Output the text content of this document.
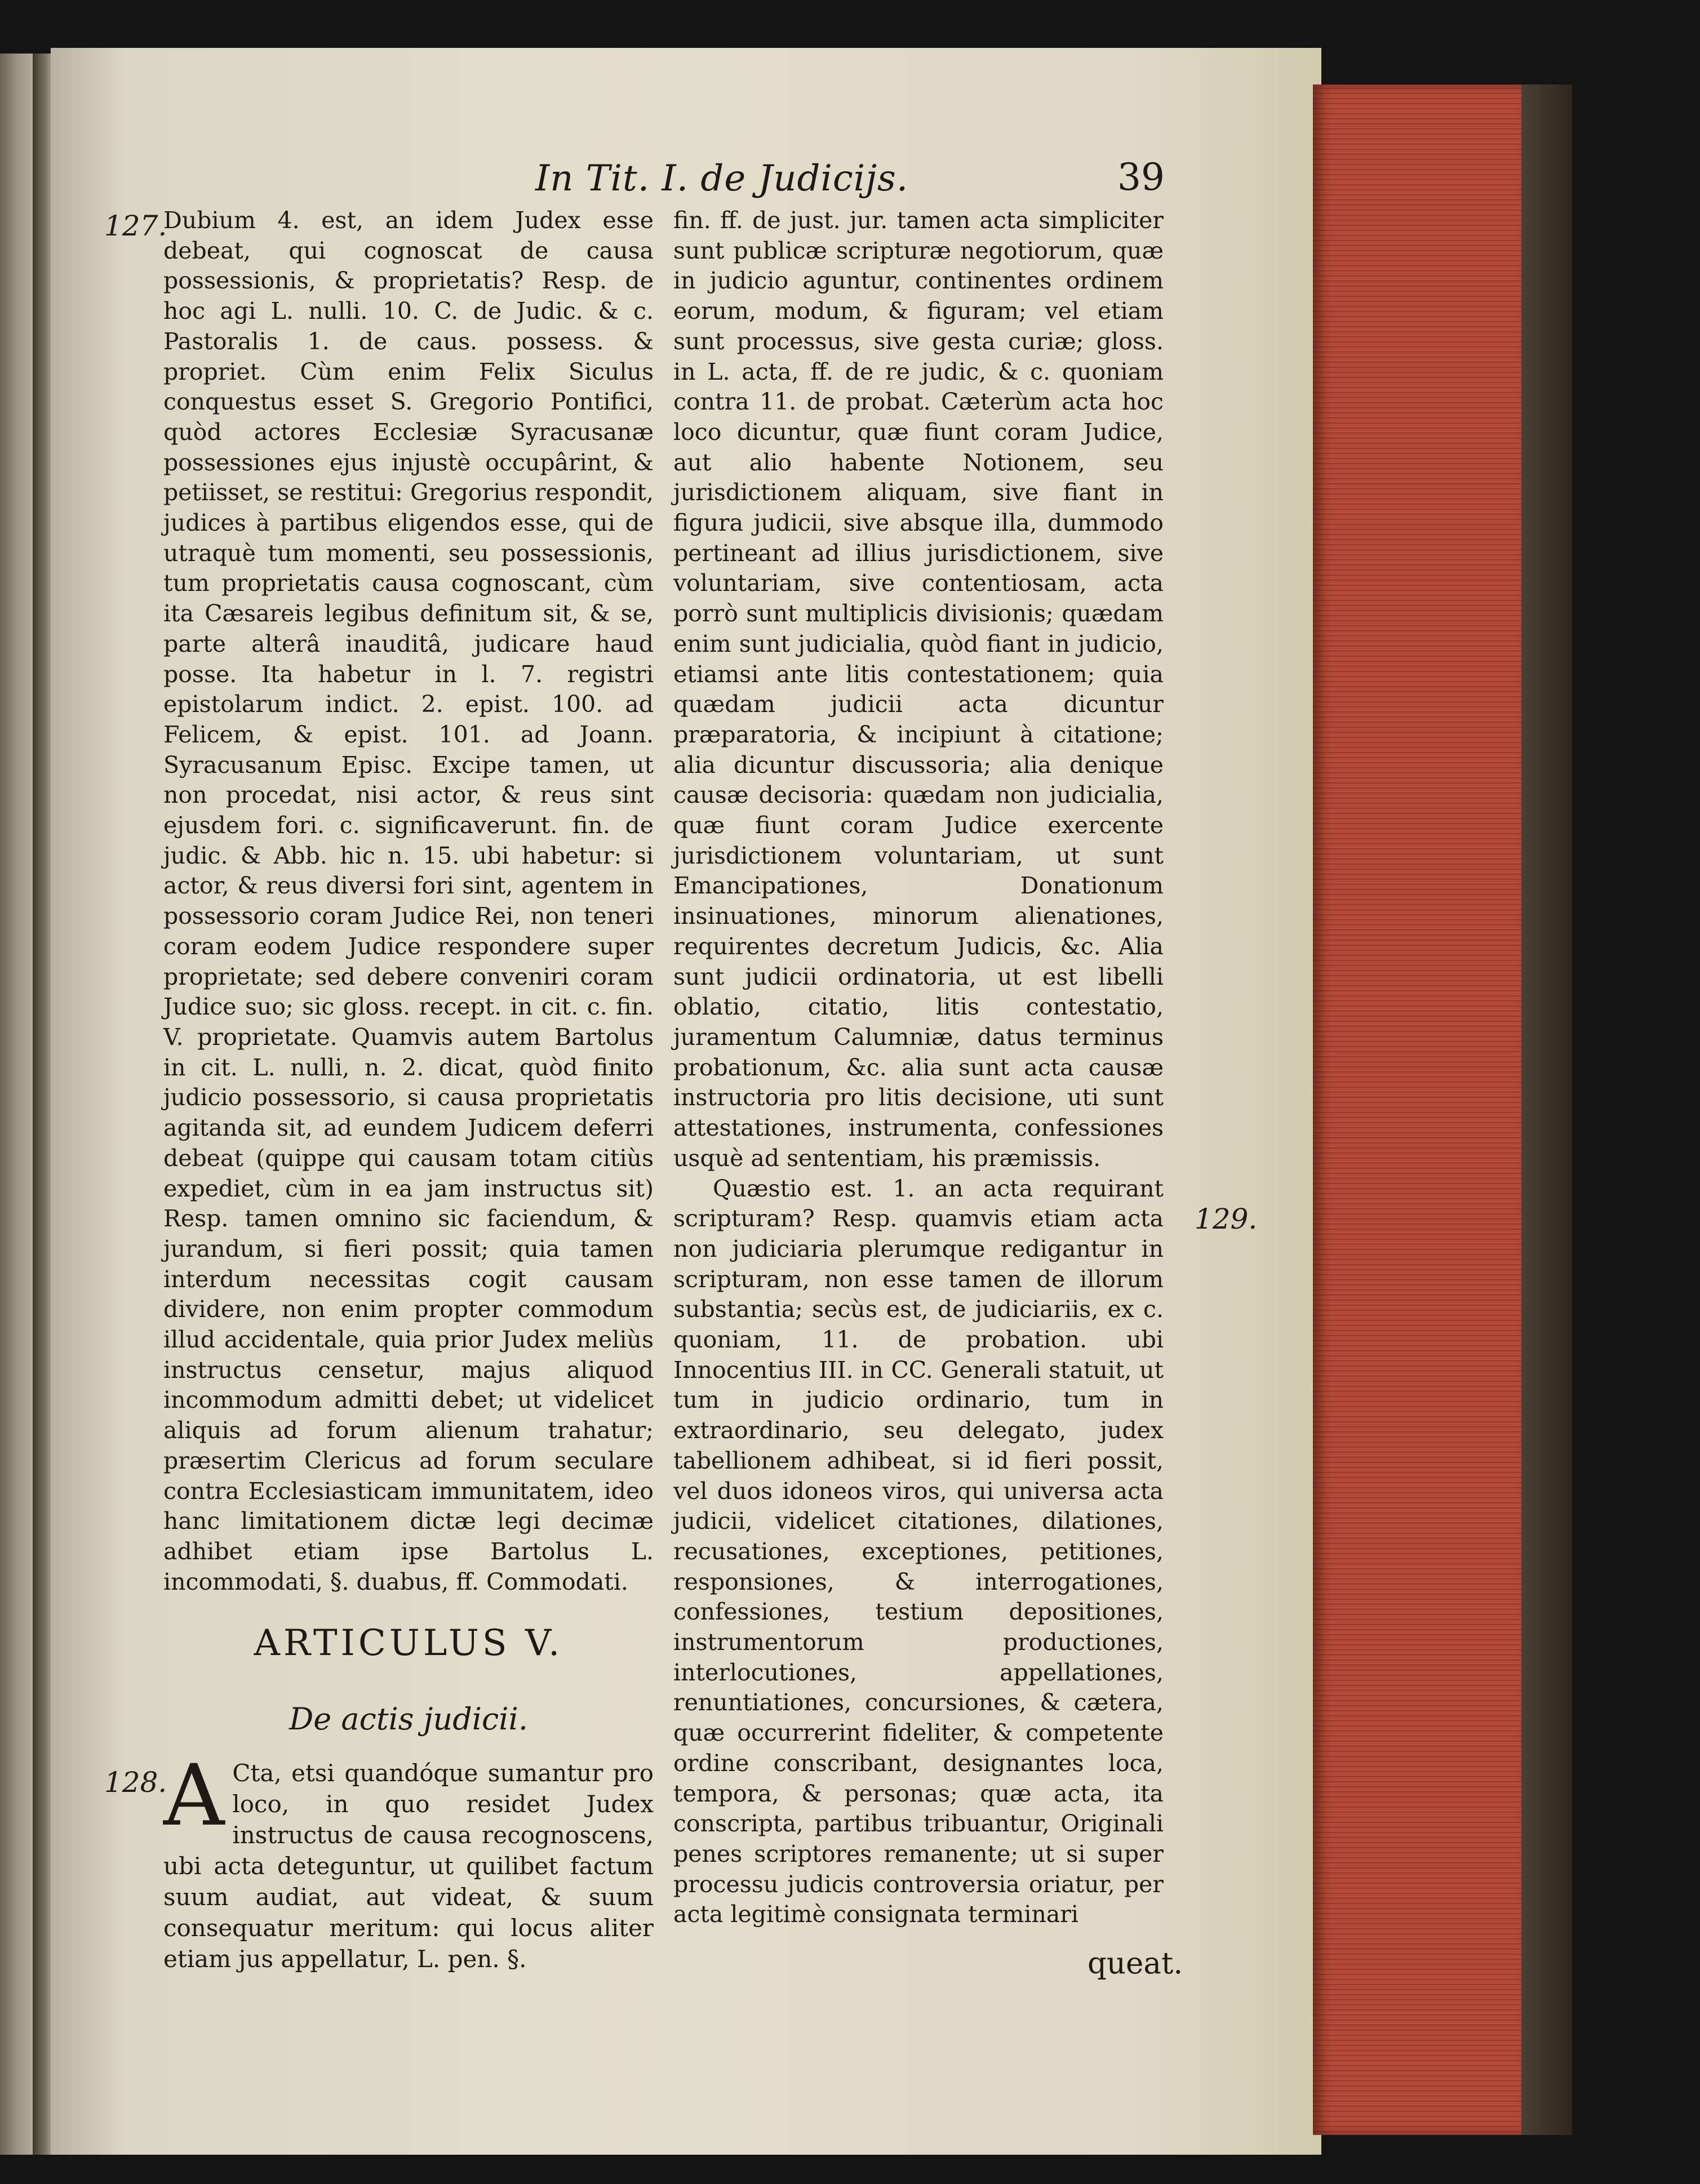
In Tit. I. de Judicijs.	39
127.
128.
129.

Dubium 4. est, an idem Judex esse debeat, qui cognoscat de causa possessionis, & proprietatis? Resp. de hoc agi L. nulli. 10. C. de Judic. & c. Pastoralis 1. de caus. possess. & propriet. Cùm enim Felix Siculus conquestus esset S. Gregorio Pontifici, quòd actores Ecclesiæ Syracusanæ possessiones ejus injustè occupârint, & petiisset, se restitui: Gregorius respondit, judices à partibus eligendos esse, qui de utraquè tum momenti, seu possessionis, tum proprietatis causa cognoscant, cùm ita Cæsareis legibus definitum sit, & se, parte alterâ inauditâ, judicare haud posse. Ita habetur in l. 7. registri epistolarum indict. 2. epist. 100. ad Felicem, & epist. 101. ad Joann. Syracusanum Episc. Excipe tamen, ut non procedat, nisi actor, & reus sint ejusdem fori. c. significaverunt. fin. de judic. & Abb. hic n. 15. ubi habetur: si actor, & reus diversi fori sint, agentem in possessorio coram Judice Rei, non teneri coram eodem Judice respondere super proprietate; sed debere conveniri coram Judice suo; sic gloss. recept. in cit. c. fin. V. proprietate. Quamvis autem Bartolus in cit. L. nulli, n. 2. dicat, quòd finito judicio possessorio, si causa proprietatis agitanda sit, ad eundem Judicem deferri debeat (quippe qui causam totam citiùs expediet, cùm in ea jam instructus sit) Resp. tamen omnino sic faciendum, & jurandum, si fieri possit; quia tamen interdum necessitas cogit causam dividere, non enim propter commodum illud accidentale, quia prior Judex meliùs instructus censetur, majus aliquod incommodum admitti debet; ut videlicet aliquis ad forum alienum trahatur; præsertim Clericus ad forum seculare contra Ecclesiasticam immunitatem, ideo hanc limitationem dictæ legi decimæ adhibet etiam ipse Bartolus L. incommodati, §. duabus, ff. Commodati.

ARTICULUS V.
De actis judicii.
A Cta, etsi quandóque sumantur pro loco, in quo residet Judex instructus de causa recognoscens, ubi acta deteguntur, ut quilibet factum suum audiat, aut videat, & suum consequatur meritum: qui locus aliter etiam jus appellatur, L. pen. §.

fin. ff. de just. jur. tamen acta simpliciter sunt publicæ scripturæ negotiorum, quæ in judicio aguntur, continentes ordinem eorum, modum, & figuram; vel etiam sunt processus, sive gesta curiæ; gloss. in L. acta, ff. de re judic, & c. quoniam contra 11. de probat. Cæterùm acta hoc loco dicuntur, quæ fiunt coram Judice, aut alio habente Notionem, seu jurisdictionem aliquam, sive fiant in figura judicii, sive absque illa, dummodo pertineant ad illius jurisdictionem, sive voluntariam, sive contentiosam, acta porrò sunt multiplicis divisionis; quædam enim sunt judicialia, quòd fiant in judicio, etiamsi ante litis contestationem; quia quædam judicii acta dicuntur præparatoria, & incipiunt à citatione; alia dicuntur discussoria; alia denique causæ decisoria: quædam non judicialia, quæ fiunt coram Judice exercente jurisdictionem voluntariam, ut sunt Emancipationes, Donationum insinuationes, minorum alienationes, requirentes decretum Judicis, &c. Alia sunt judicii ordinatoria, ut est libelli oblatio, citatio, litis contestatio, juramentum Calumniæ, datus terminus probationum, &c. alia sunt acta causæ instructoria pro litis decisione, uti sunt attestationes, instrumenta, confessiones usquè ad sententiam, his præmissis.

Quæstio est. 1. an acta requirant scripturam? Resp. quamvis etiam acta non judiciaria plerumque redigantur in scripturam, non esse tamen de illorum substantia; secùs est, de judiciariis, ex c. quoniam, 11. de probation. ubi Innocentius III. in CC. Generali statuit, ut tum in judicio ordinario, tum in extraordinario, seu delegato, judex tabellionem adhibeat, si id fieri possit, vel duos idoneos viros, qui universa acta judicii, videlicet citationes, dilationes, recusationes, exceptiones, petitiones, responsiones, & interrogationes, confessiones, testium depositiones, instrumentorum productiones, interlocutiones, appellationes, renuntiationes, concursiones, & cætera, quæ occurrerint fideliter, & competente ordine conscribant, designantes loca, tempora, & personas; quæ acta, ita conscripta, partibus tribuantur, Originali penes scriptores remanente; ut si super processu judicis controversia oriatur, per acta legitimè consignata terminari

queat.
